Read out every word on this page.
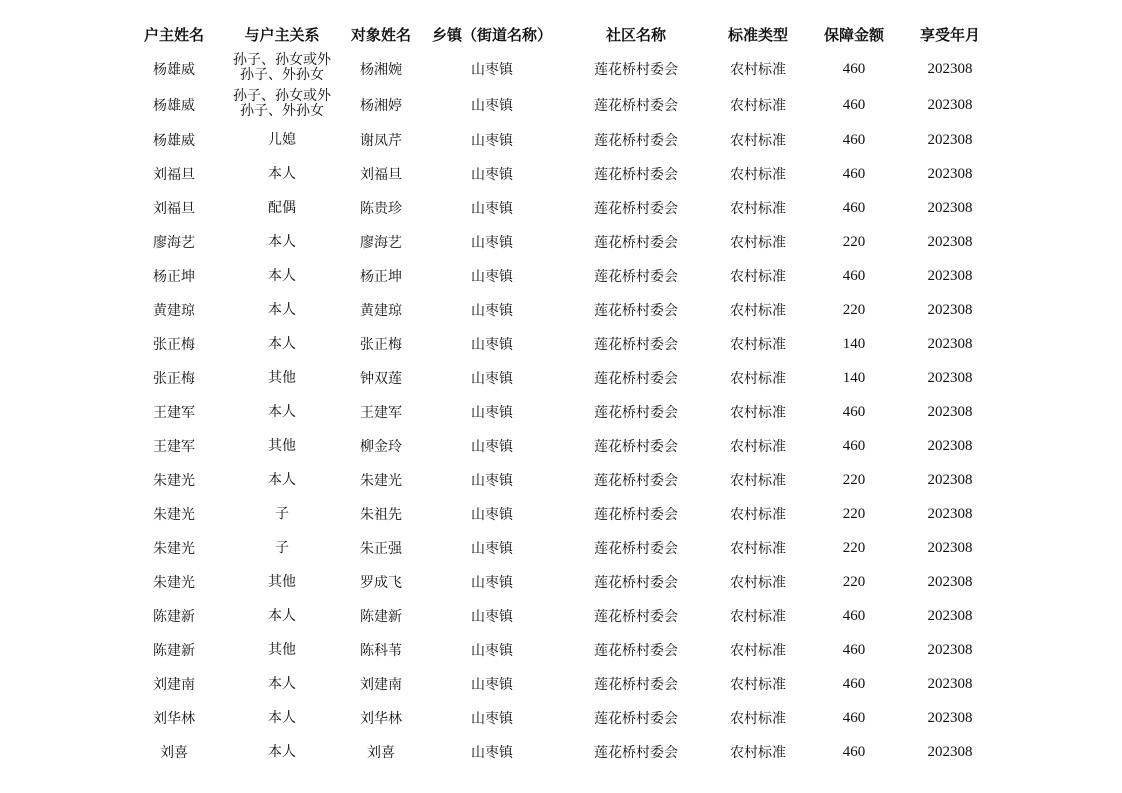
户主姓名	与户主关系	对象姓名	乡镇（街道名称）	社区名称	标准类型	保障金额	享受年月
杨雄威	孙子、孙女或外孙子、外孙女	杨湘婉	山枣镇	莲花桥村委会	农村标准	460	202308
杨雄威	孙子、孙女或外孙子、外孙女	杨湘婷	山枣镇	莲花桥村委会	农村标准	460	202308
杨雄威	儿媳	谢凤芹	山枣镇	莲花桥村委会	农村标准	460	202308
刘福旦	本人	刘福旦	山枣镇	莲花桥村委会	农村标准	460	202308
刘福旦	配偶	陈贵珍	山枣镇	莲花桥村委会	农村标准	460	202308
廖海艺	本人	廖海艺	山枣镇	莲花桥村委会	农村标准	220	202308
杨正坤	本人	杨正坤	山枣镇	莲花桥村委会	农村标准	460	202308
黄建琼	本人	黄建琼	山枣镇	莲花桥村委会	农村标准	220	202308
张正梅	本人	张正梅	山枣镇	莲花桥村委会	农村标准	140	202308
张正梅	其他	钟双莲	山枣镇	莲花桥村委会	农村标准	140	202308
王建军	本人	王建军	山枣镇	莲花桥村委会	农村标准	460	202308
王建军	其他	柳金玲	山枣镇	莲花桥村委会	农村标准	460	202308
朱建光	本人	朱建光	山枣镇	莲花桥村委会	农村标准	220	202308
朱建光	子	朱祖先	山枣镇	莲花桥村委会	农村标准	220	202308
朱建光	子	朱正强	山枣镇	莲花桥村委会	农村标准	220	202308
朱建光	其他	罗成飞	山枣镇	莲花桥村委会	农村标准	220	202308
陈建新	本人	陈建新	山枣镇	莲花桥村委会	农村标准	460	202308
陈建新	其他	陈科苇	山枣镇	莲花桥村委会	农村标准	460	202308
刘建南	本人	刘建南	山枣镇	莲花桥村委会	农村标准	460	202308
刘华林	本人	刘华林	山枣镇	莲花桥村委会	农村标准	460	202308
刘喜	本人	刘喜	山枣镇	莲花桥村委会	农村标准	460	202308
